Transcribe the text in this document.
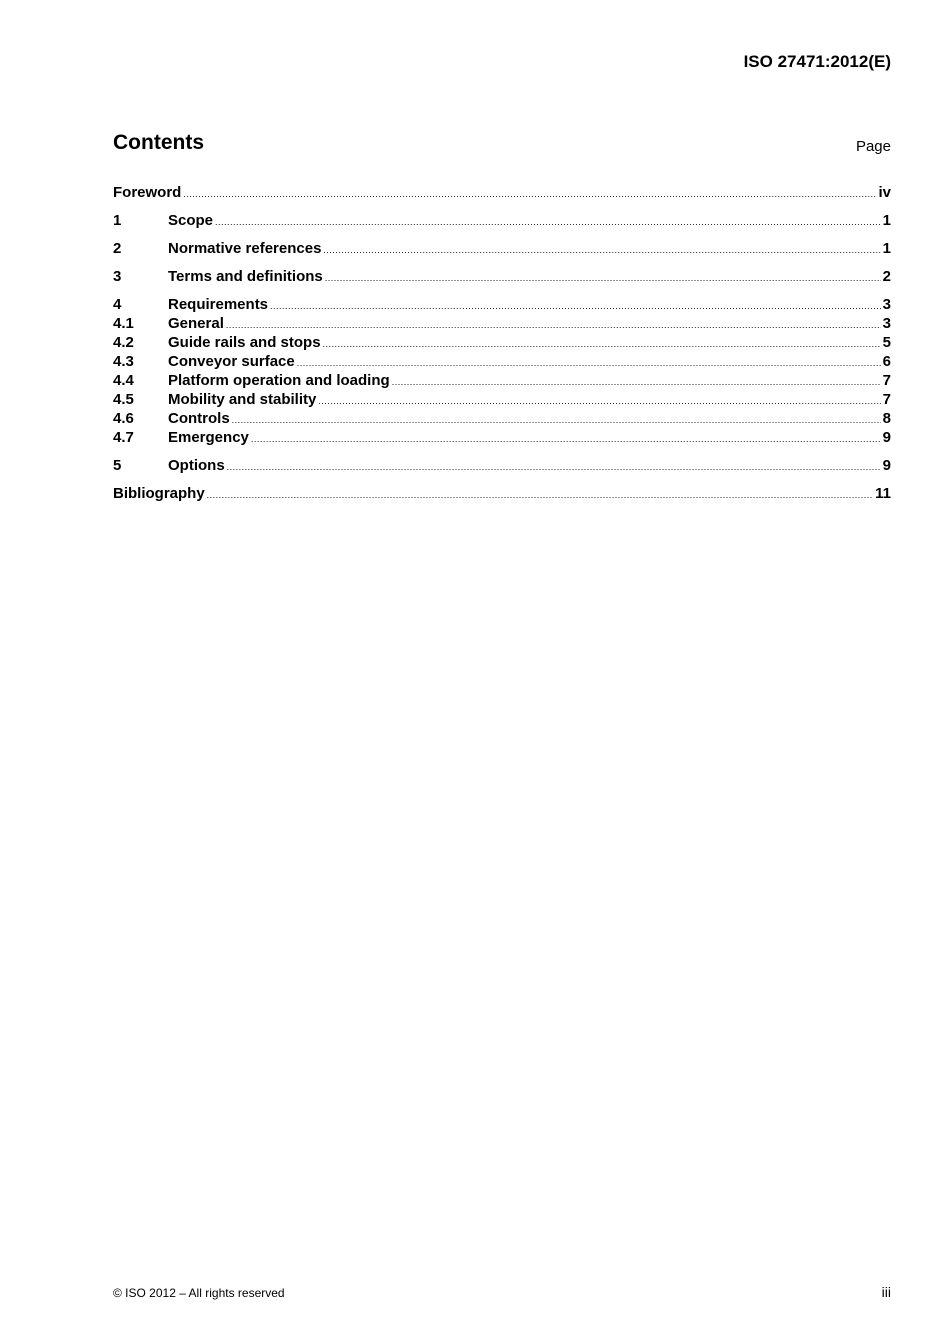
ISO 27471:2012(E)
Contents	Page
Foreword .....	iv
1	Scope .....	1
2	Normative references .....	1
3	Terms and definitions .....	2
4	Requirements .....	3
4.1	General .....	3
4.2	Guide rails and stops .....	5
4.3	Conveyor surface .....	6
4.4	Platform operation and loading .....	7
4.5	Mobility and stability .....	7
4.6	Controls .....	8
4.7	Emergency .....	9
5	Options .....	9
Bibliography .....	11
© ISO 2012 – All rights reserved	iii
